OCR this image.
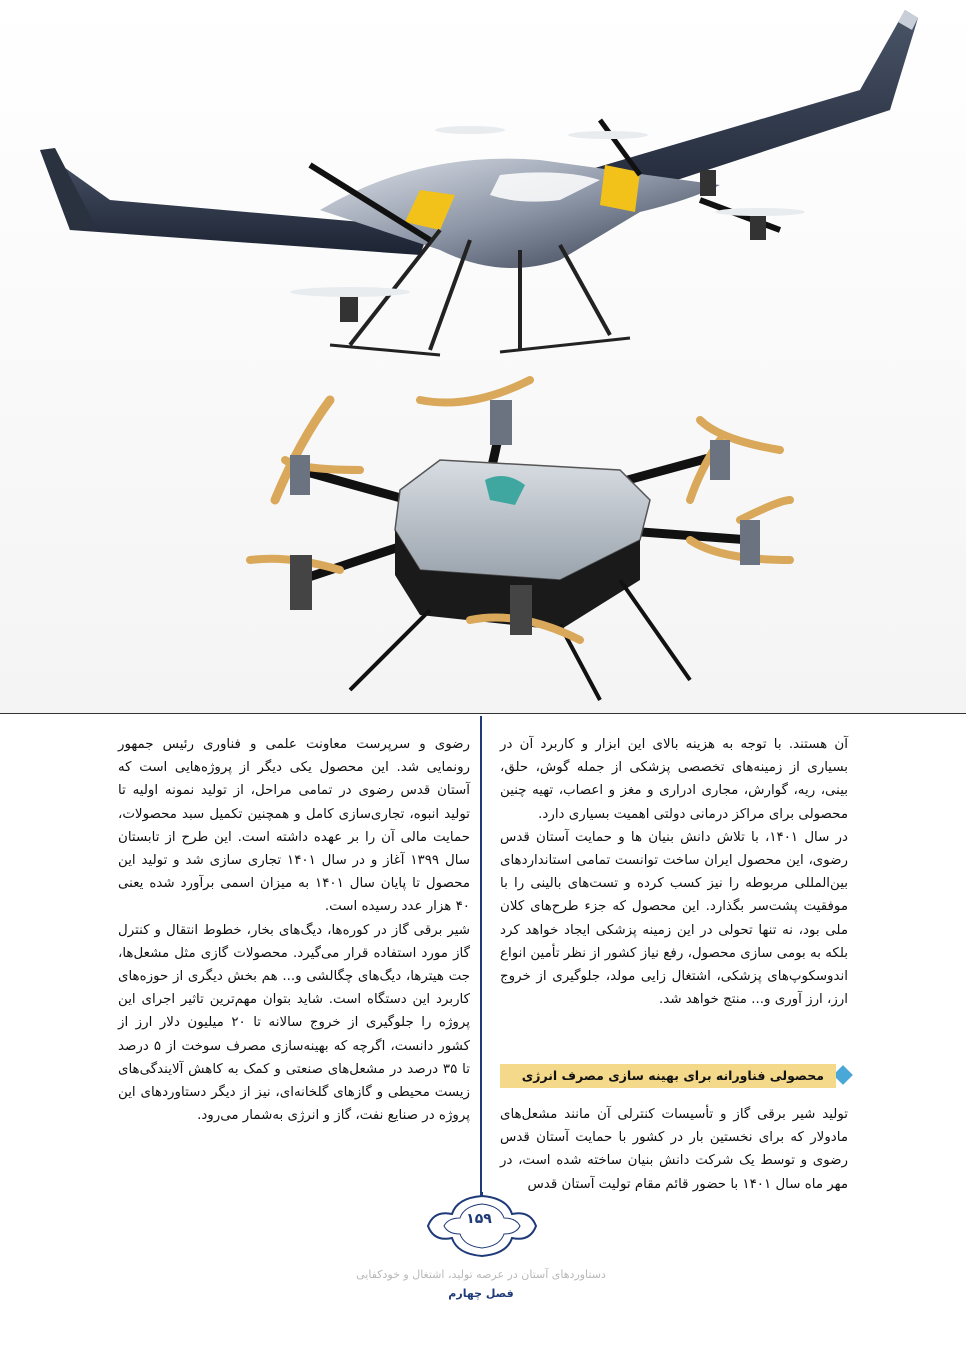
آن هستند. با توجه به هزینه بالای این ابزار و کاربرد آن در بسیاری از زمینه‌های تخصصی پزشکی از جمله گوش، حلق، بینی، ریه، گوارش، مجاری ادراری و مغز و اعصاب، تهیه چنین محصولی برای مراکز درمانی دولتی اهمیت بسیاری دارد.

در سال ۱۴۰۱، با تلاش دانش بنیان ها و حمایت آستان قدس رضوی، این محصول ایران ساخت توانست تمامی استانداردهای بین‌المللی مربوطه را نیز کسب کرده و تست‌های بالینی را با موفقیت پشت‌سر بگذارد. این محصول که جزء طرح‌های کلان ملی بود، نه تنها تحولی در این زمینه پزشکی ایجاد خواهد کرد بلکه به بومی سازی محصول، رفع نیاز کشور از نظر تأمین انواع اندوسکوپ‌های پزشکی، اشتغال زایی مولد، جلوگیری از خروج ارز، ارز آوری و... منتج خواهد شد.

محصولی فناورانه برای بهینه سازی مصرف انرژی

تولید شیر برقی گاز و تأسیسات کنترلی آن مانند مشعل‌های مادولار که برای نخستین بار در کشور با حمایت آستان قدس رضوی و توسط یک شرکت دانش بنیان ساخته شده است، در مهر ماه سال ۱۴۰۱ با حضور قائم مقام تولیت آستان قدس

رضوی و سرپرست معاونت علمی و فناوری رئیس جمهور رونمایی شد. این محصول یکی دیگر از پروژه‌هایی است که آستان قدس رضوی در تمامی مراحل، از تولید نمونه اولیه تا تولید انبوه، تجاری‌سازی کامل و همچنین تکمیل سبد محصولات، حمایت مالی آن را بر عهده داشته است. این طرح از تابستان سال ۱۳۹۹ آغاز و در سال ۱۴۰۱ تجاری سازی شد و تولید این محصول تا پایان سال ۱۴۰۱ به میزان اسمی برآورد شده یعنی ۴۰ هزار عدد رسیده است.

شیر برقی گاز در کوره‌ها، دیگ‌های بخار، خطوط انتقال و کنترل گاز مورد استفاده قرار می‌گیرد. محصولات گازی مثل مشعل‌ها، جت هیترها، دیگ‌های چگالشی و... هم بخش دیگری از حوزه‌های کاربرد این دستگاه است. شاید بتوان مهم‌ترین تاثیر اجرای این پروژه را جلوگیری از خروج سالانه تا ۲۰ میلیون دلار ارز از کشور دانست، اگرچه که بهینه‌سازی مصرف سوخت از ۵ درصد تا ۳۵ درصد در مشعل‌های صنعتی و کمک به کاهش آلایندگی‌های زیست محیطی و گازهای گلخانه‌ای، نیز از دیگر دستاوردهای این پروژه در صنایع نفت، گاز و انرژی به‌شمار می‌رود.

۱۵۹
دستاوردهای آستان در عرصه تولید، اشتغال و خودکفایی
فصل چهارم
